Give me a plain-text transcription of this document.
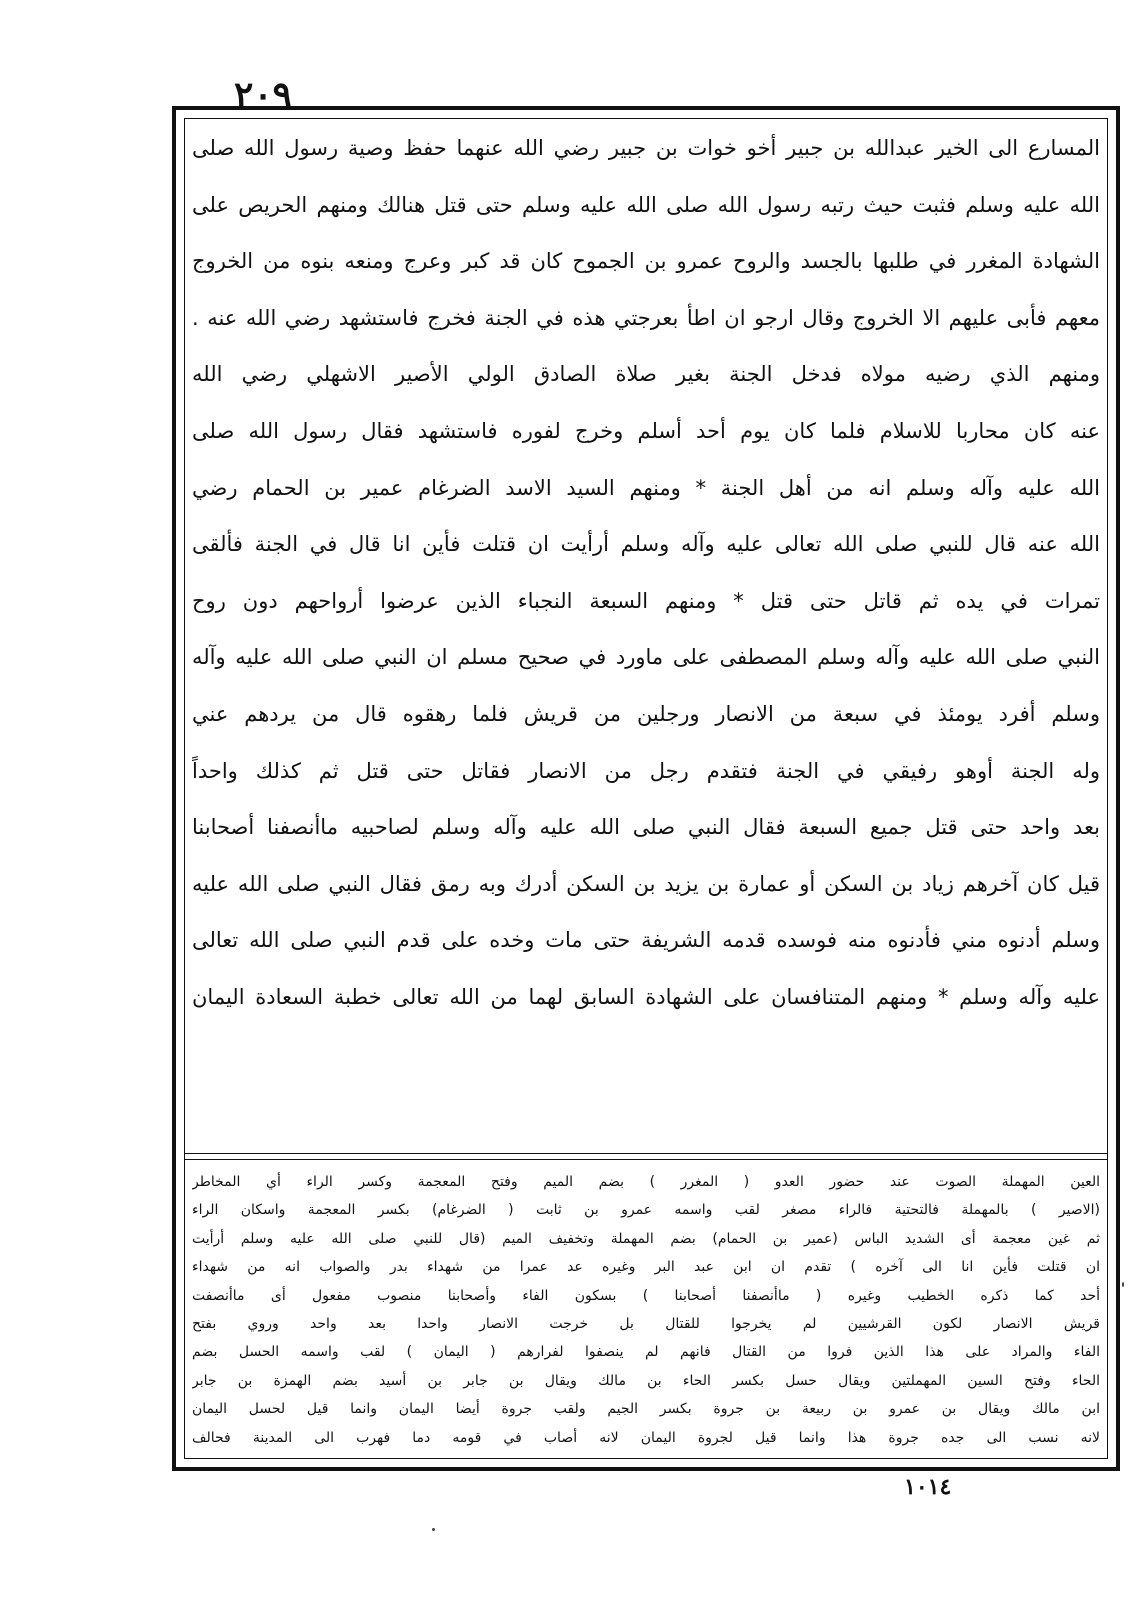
٢٠٩
المسارع الى الخير عبدالله بن جبير أخو خوات بن جبير رضي الله عنهما حفظ وصية رسول الله صلى
الله عليه وسلم فثبت حيث رتبه رسول الله صلى الله عليه وسلم حتى قتل هنالك ومنهم الحريص على
الشهادة المغرر في طلبها بالجسد والروح عمرو بن الجموح كان قد كبر وعرج ومنعه بنوه من الخروج
معهم فأبى عليهم الا الخروج وقال ارجو ان اطأ بعرجتي هذه في الجنة فخرج فاستشهد رضي الله عنه .
ومنهم الذي رضيه مولاه فدخل الجنة بغير صلاة الصادق الولي الأصير الاشهلي رضي الله
عنه كان محاربا للاسلام فلما كان يوم أحد أسلم وخرج لفوره فاستشهد فقال رسول الله صلى
الله عليه وآله وسلم انه من أهل الجنة * ومنهم السيد الاسد الضرغام عمير بن الحمام رضي
الله عنه قال للنبي صلى الله تعالى عليه وآله وسلم أرأيت ان قتلت فأين انا قال في الجنة فألقى
تمرات في يده ثم قاتل حتى قتل * ومنهم السبعة النجباء الذين عرضوا أرواحهم دون روح
النبي صلى الله عليه وآله وسلم المصطفى على ماورد في صحيح مسلم ان النبي صلى الله عليه وآله
وسلم أفرد يومئذ في سبعة من الانصار ورجلين من قريش فلما رهقوه قال من يردهم عني
وله الجنة أوهو رفيقي في الجنة فتقدم رجل من الانصار فقاتل حتى قتل ثم كذلك واحداً
بعد واحد حتى قتل جميع السبعة فقال النبي صلى الله عليه وآله وسلم لصاحبيه ماأنصفنا أصحابنا
قيل كان آخرهم زياد بن السكن أو عمارة بن يزيد بن السكن أدرك وبه رمق فقال النبي صلى الله عليه
وسلم أدنوه مني فأدنوه منه فوسده قدمه الشريفة حتى مات وخده على قدم النبي صلى الله تعالى
عليه وآله وسلم * ومنهم المتنافسان على الشهادة السابق لهما من الله تعالى خطبة السعادة اليمان
العين المهملة الصوت عند حضور العدو ( المغرر ) بضم الميم وفتح المعجمة وكسر الراء أي المخاطر
(الاصير ) بالمهملة فالتحتية فالراء مصغر لقب واسمه عمرو بن ثابت ( الضرغام) بكسر المعجمة واسكان الراء
ثم غين معجمة أى الشديد الباس (عمير بن الحمام) بضم المهملة وتخفيف الميم (قال للنبي صلى الله عليه وسلم أرأيت
ان قتلت فأين انا الى آخره ) تقدم ان ابن عبد البر وغيره عد عمرا من شهداء بدر والصواب انه من شهداء
أحد كما ذكره الخطيب وغيره ( ماأنصفنا أصحابنا ) بسكون الفاء وأصحابنا منصوب مفعول أى ماأنصفت
قريش الانصار لكون القرشيين لم يخرجوا للقتال بل خرجت الانصار واحدا بعد واحد وروي بفتح
الفاء والمراد على هذا الذين فروا من القتال فانهم لم ينصفوا لفرارهم ( اليمان ) لقب واسمه الحسل بضم
الحاء وفتح السين المهملتين ويقال حسل بكسر الحاء بن مالك ويقال بن جابر بن أسيد بضم الهمزة بن جابر
ابن مالك ويقال بن عمرو بن ربيعة بن جروة بكسر الجيم ولقب جروة أيضا اليمان وانما قيل لحسل اليمان
لانه نسب الى جده جروة هذا وانما قيل لجروة اليمان لانه أصاب في قومه دما فهرب الى المدينة فحالف
١٠١٤
